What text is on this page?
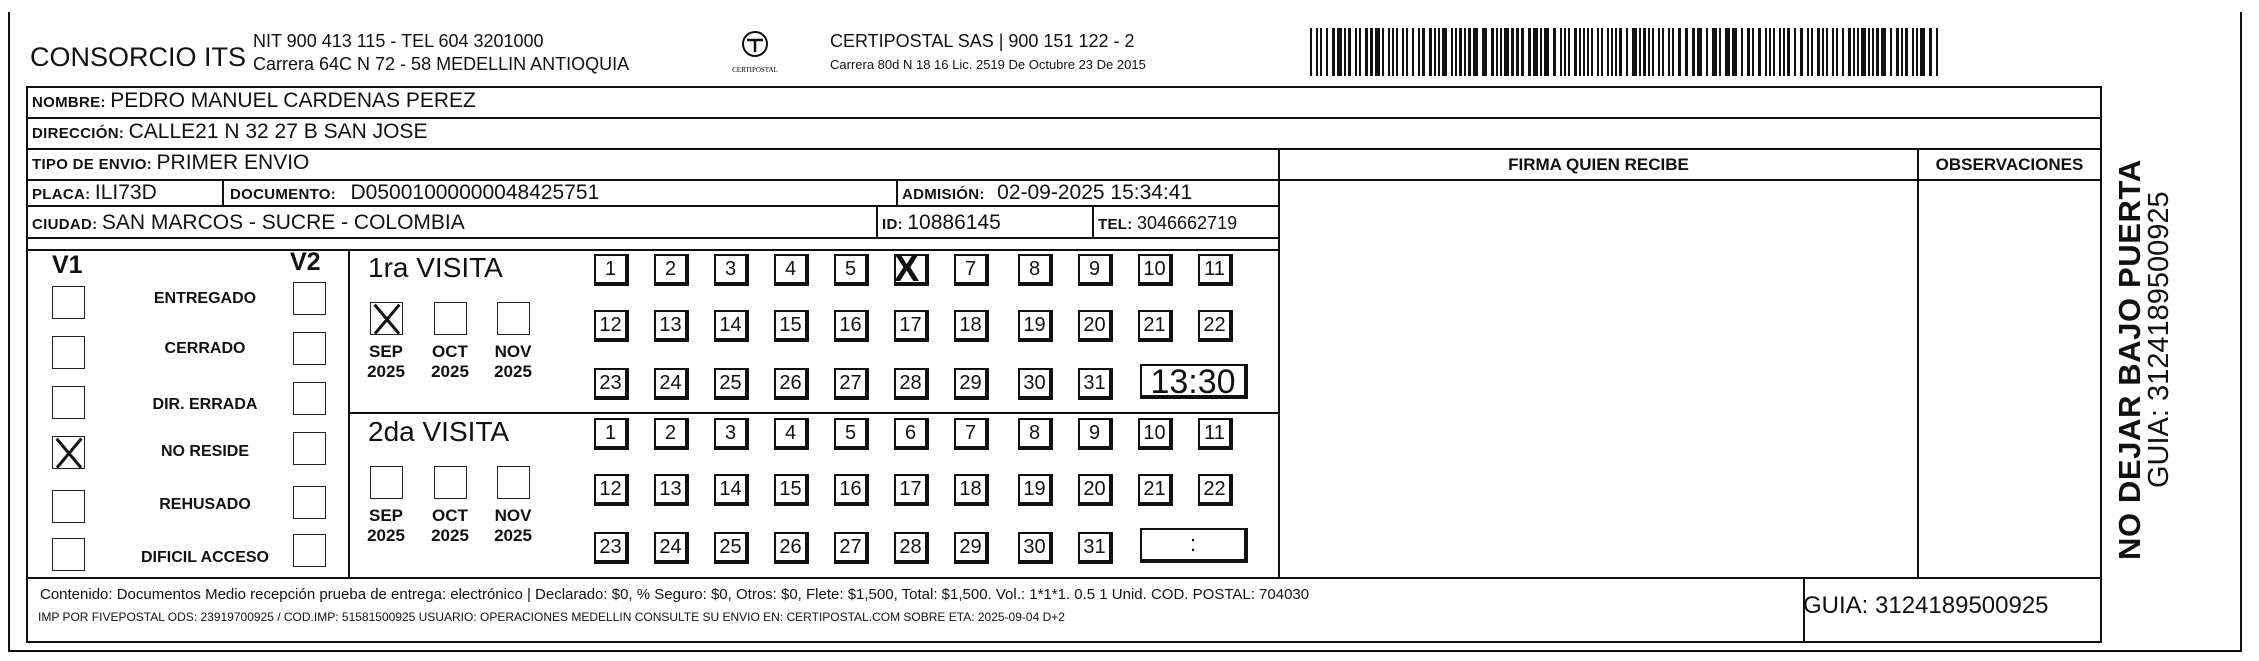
CONSORCIO ITS
NIT 900 413 115 - TEL 604 3201000
Carrera 64C N 72 - 58 MEDELLIN ANTIOQUIA	CERTIPOSTAL
CERTIPOSTAL SAS | 900 151 122 - 2
Carrera 80d N 18 16 Lic. 2519 De Octubre 23 De 2015
NOMBRE: PEDRO MANUEL CARDENAS PEREZ
DIRECCIÓN: CALLE21 N 32 27 B SAN JOSE
TIPO DE ENVIO: PRIMER ENVIO	FIRMA QUIEN RECIBE	OBSERVACIONES
PLACA: ILI73D	DOCUMENTO: D05001000000048425751	ADMISIÓN: 02-09-2025 15:34:41
CIUDAD: SAN MARCOS - SUCRE - COLOMBIA	ID: 10886145	TEL: 3046662719
V1	V2
Contenido: Documentos Medio recepción prueba de entrega: electrónico | Declarado: $0, % Seguro: $0, Otros: $0, Flete: $1,500, Total: $1,500. Vol.: 1*1*1. 0.5 1 Unid. COD. POSTAL: 704030
IMP POR FIVEPOSTAL ODS: 23919700925 / COD.IMP: 51581500925 USUARIO: OPERACIONES MEDELLIN CONSULTE SU ENVIO EN: CERTIPOSTAL.COM SOBRE ETA: 2025-09-04 D+2	GUIA: 3124189500925
NO DEJAR BAJO PUERTA
GUIA: 3124189500925
ENTREGADO
CERRADO
DIR. ERRADA
NO RESIDE
REHUSADO
DIFICIL ACCESO
1ra VISITA
SEP
2025
OCT
2025
NOV
2025
1	2	3	4	5
X	7	8	9	10	11
12	13	14	15	16	17	18	19	20	21	22
23	24	25	26	27	28	29	30	31	13:30
2da VISITA
SEP
2025
OCT
2025
NOV
2025
1	2	3	4	5	6	7	8	9	10	11
12	13	14	15	16	17	18	19	20	21	22
23	24	25	26	27	28	29	30	31	:
